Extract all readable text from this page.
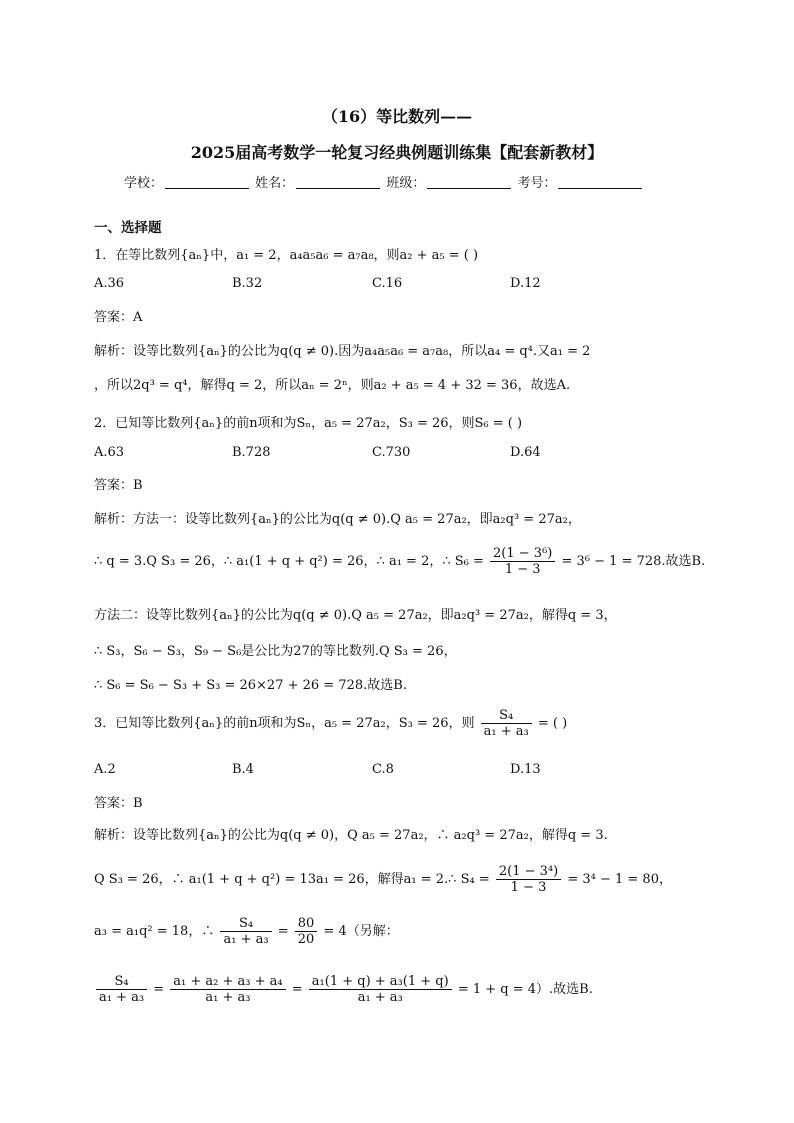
（16）等比数列——
2025届高考数学一轮复习经典例题训练集【配套新教材】
学校：	姓名：	班级：	考号：
一、选择题
1．在等比数列{aₙ}中，a₁ = 2，a₄a₅a₆ = a₇a₈，则a₂ + a₅ = ( )
A.36	B.32	C.16	D.12
答案：A
解析：设等比数列{aₙ}的公比为q(q ≠ 0).因为a₄a₅a₆ = a₇a₈，所以a₄ = q⁴.又a₁ = 2
，所以2q³ = q⁴，解得q = 2，所以aₙ = 2ⁿ，则a₂ + a₅ = 4 + 32 = 36，故选A.
2．已知等比数列{aₙ}的前n项和为Sₙ，a₅ = 27a₂，S₃ = 26，则S₆ = ( )
A.63	B.728	C.730	D.64
答案：B
解析：方法一：设等比数列{aₙ}的公比为q(q ≠ 0).Q a₅ = 27a₂，即a₂q³ = 27a₂，
∴ q = 3.Q S₃ = 26，∴ a₁(1 + q + q²) = 26，∴ a₁ = 2，∴ $S_6 = \frac{\text{2(1 − 3⁶)}}{1 - 3} = 3^6 - 1 = 728$.故选B.
方法二：设等比数列{aₙ}的公比为q(q ≠ 0).Q a₅ = 27a₂，即a₂q³ = 27a₂，解得q = 3，
∴ S₃，S₆ − S₃，S₉ − S₆是公比为27的等比数列.Q S₃ = 26，
∴ S₆ = S₆ − S₃ + S₃ = 26×27 + 26 = 728.故选B.
3．已知等比数列{aₙ}的前n项和为Sₙ，a₅ = 27a₂，S₃ = 26，则 $\frac{\text{S₄}}{\text{a₁ + a₃}}$ = ( )
A.2	B.4	C.8	D.13
答案：B
解析：设等比数列{aₙ}的公比为q(q ≠ 0)，Q a₅ = 27a₂，∴ a₂q³ = 27a₂，解得q = 3.
Q S₃ = 26，∴ a₁(1 + q + q²) = 13a₁ = 26，解得a₁ = 2.∴ $S_4 = \frac{\text{2(1 − 3⁴)}}{1 - 3} = 3^4 - 1 = 80$，
a₃ = a₁q² = 18，∴ $\frac{\text{S₄}}{\text{a₁ + a₃}} = \frac{80}{20} = 4$（另解：
$\frac{\text{S₄}}{\text{a₁ + a₃}} = \frac{\text{a₁ + a₂ + a₃ + a₄}}{\text{a₁ + a₃}} = \frac{\text{a₁(1 + q) + a₃(1 + q)}}{\text{a₁ + a₃}} = 1 + q = 4$）.故选B.
